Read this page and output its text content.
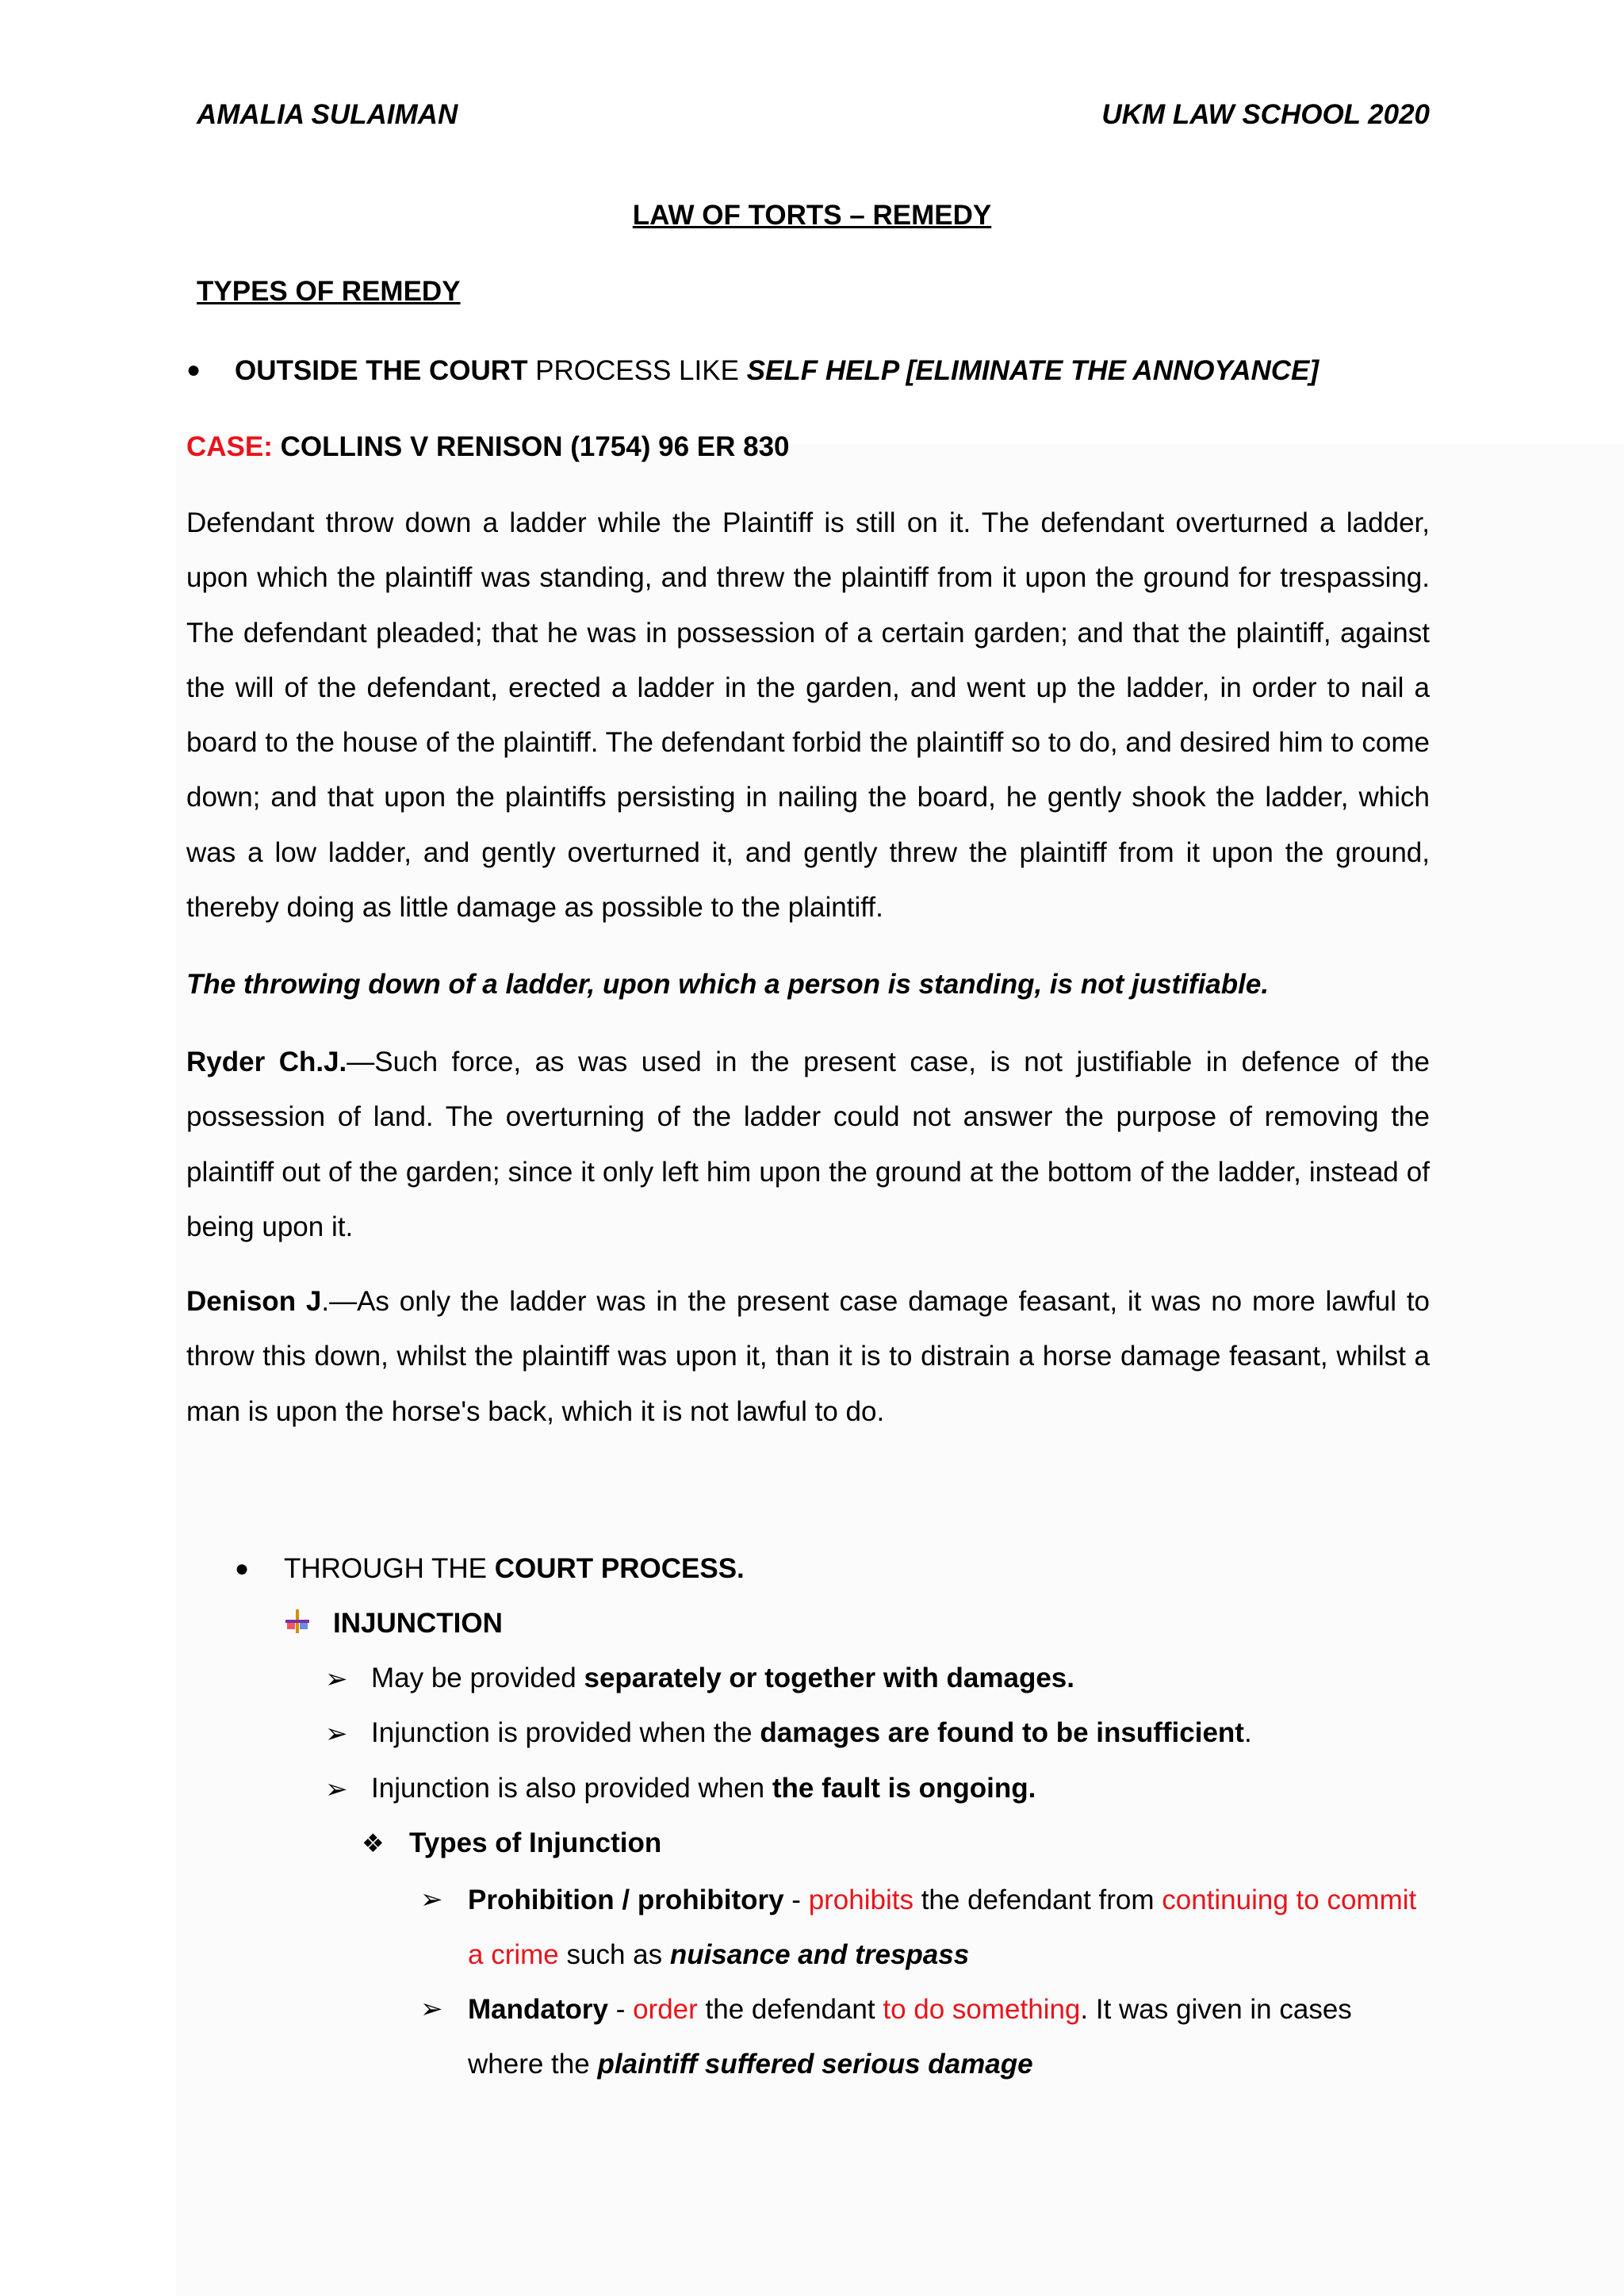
AMALIA SULAIMAN	UKM LAW SCHOOL 2020
LAW OF TORTS – REMEDY
TYPES OF REMEDY
● OUTSIDE THE COURT PROCESS LIKE SELF HELP [ELIMINATE THE ANNOYANCE]
CASE: COLLINS V RENISON (1754) 96 ER 830
Defendant throw down a ladder while the Plaintiff is still on it. The defendant overturned a ladder, upon which the plaintiff was standing, and threw the plaintiff from it upon the ground for trespassing. The defendant pleaded; that he was in possession of a certain garden; and that the plaintiff, against the will of the defendant, erected a ladder in the garden, and went up the ladder, in order to nail a board to the house of the plaintiff. The defendant forbid the plaintiff so to do, and desired him to come down; and that upon the plaintiffs persisting in nailing the board, he gently shook the ladder, which was a low ladder, and gently overturned it, and gently threw the plaintiff from it upon the ground, thereby doing as little damage as possible to the plaintiff.
The throwing down of a ladder, upon which a person is standing, is not justifiable.
Ryder Ch.J.—Such force, as was used in the present case, is not justifiable in defence of the possession of land. The overturning of the ladder could not answer the purpose of removing the plaintiff out of the garden; since it only left him upon the ground at the bottom of the ladder, instead of being upon it.
Denison J.—As only the ladder was in the present case damage feasant, it was no more lawful to throw this down, whilst the plaintiff was upon it, than it is to distrain a horse damage feasant, whilst a man is upon the horse's back, which it is not lawful to do.
● THROUGH THE COURT PROCESS.
INJUNCTION
➢ May be provided separately or together with damages.
➢ Injunction is provided when the damages are found to be insufficient.
➢ Injunction is also provided when the fault is ongoing.
❖ Types of Injunction
➢ Prohibition / prohibitory - prohibits the defendant from continuing to commit a crime such as nuisance and trespass
➢ Mandatory - order the defendant to do something. It was given in cases where the plaintiff suffered serious damage
